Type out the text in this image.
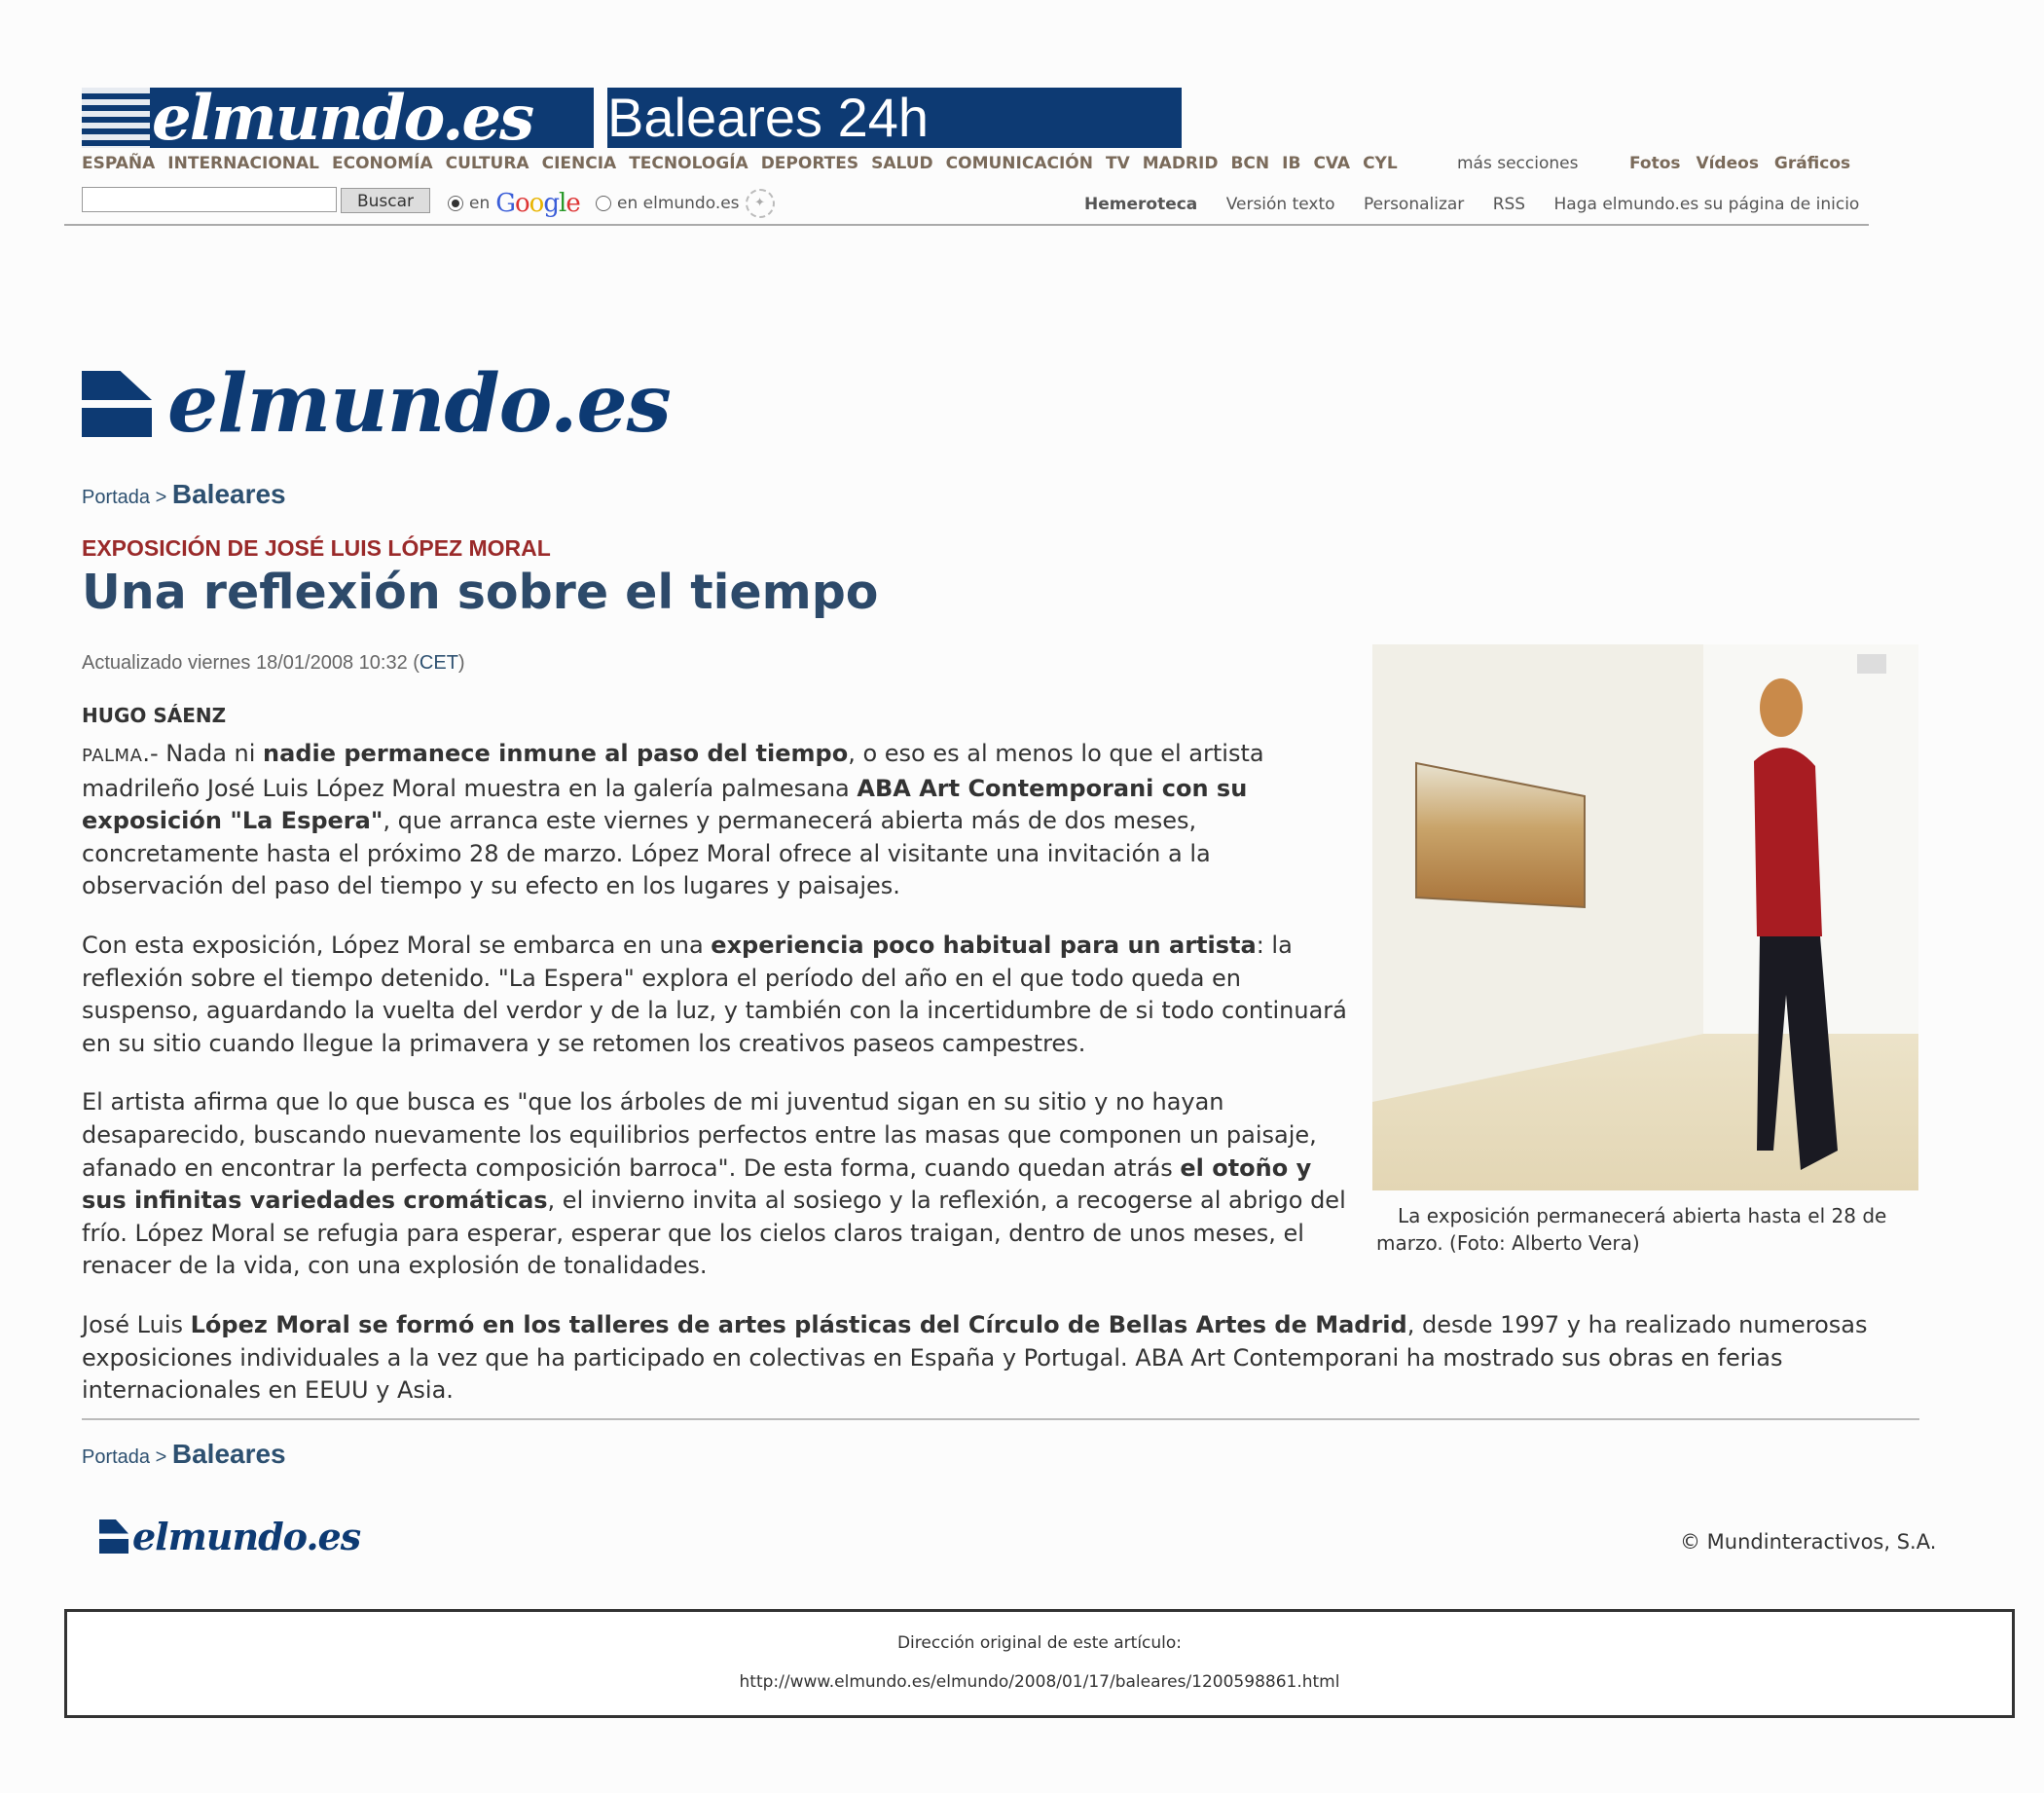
elmundo.es Baleares 24h
ESPAÑA INTERNACIONAL ECONOMÍA CULTURA CIENCIA TECNOLOGÍA DEPORTES SALUD COMUNICACIÓN TV MADRID BCN IB CVA CYL	más secciones	Fotos Vídeos Gráficos
Buscar	en Google en elmundo.es	✦	Hemeroteca Versión texto Personalizar RSS Haga elmundo.es su página de inicio
elmundo.es
Portada > Baleares
EXPOSICIÓN DE JOSÉ LUIS LÓPEZ MORAL
Una reflexión sobre el tiempo
Actualizado viernes 18/01/2008 10:32 (CET)
HUGO SÁENZ

PALMA.- Nada ni nadie permanece inmune al paso del tiempo, o eso es al menos lo que el artista madrileño José Luis López Moral muestra en la galería palmesana ABA Art Contemporani con su exposición "La Espera", que arranca este viernes y permanecerá abierta más de dos meses, concretamente hasta el próximo 28 de marzo. López Moral ofrece al visitante una invitación a la observación del paso del tiempo y su efecto en los lugares y paisajes.

Con esta exposición, López Moral se embarca en una experiencia poco habitual para un artista: la reflexión sobre el tiempo detenido. "La Espera" explora el período del año en el que todo queda en suspenso, aguardando la vuelta del verdor y de la luz, y también con la incertidumbre de si todo continuará en su sitio cuando llegue la primavera y se retomen los creativos paseos campestres.

El artista afirma que lo que busca es "que los árboles de mi juventud sigan en su sitio y no hayan desaparecido, buscando nuevamente los equilibrios perfectos entre las masas que componen un paisaje, afanado en encontrar la perfecta composición barroca". De esta forma, cuando quedan atrás el otoño y sus infinitas variedades cromáticas, el invierno invita al sosiego y la reflexión, a recogerse al abrigo del frío. López Moral se refugia para esperar, esperar que los cielos claros traigan, dentro de unos meses, el renacer de la vida, con una explosión de tonalidades.

José Luis López Moral se formó en los talleres de artes plásticas del Círculo de Bellas Artes de Madrid, desde 1997 y ha realizado numerosas exposiciones individuales a la vez que ha participado en colectivas en España y Portugal. ABA Art Contemporani ha mostrado sus obras en ferias internacionales en EEUU y Asia.

La exposición permanecerá abierta hasta el 28 de marzo. (Foto: Alberto Vera)
Portada > Baleares
elmundo.es	© Mundinteractivos, S.A.
Dirección original de este artículo:
http://www.elmundo.es/elmundo/2008/01/17/baleares/1200598861.html
